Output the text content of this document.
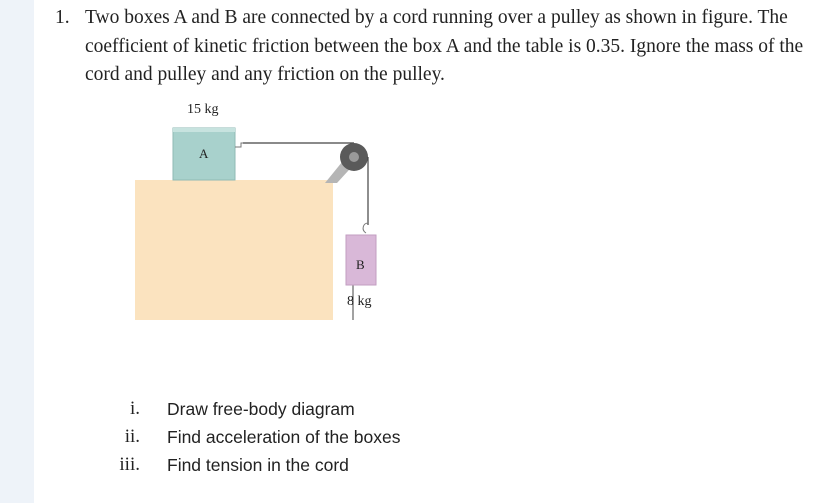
1. Two boxes A and B are connected by a cord running over a pulley as shown in figure. The coefficient of kinetic friction between the box A and the table is 0.35. Ignore the mass of the cord and pulley and any friction on the pulley.
15 kg
A
B
8 kg
i.	Draw free-body diagram
ii.	Find acceleration of the boxes
iii.	Find tension in the cord
